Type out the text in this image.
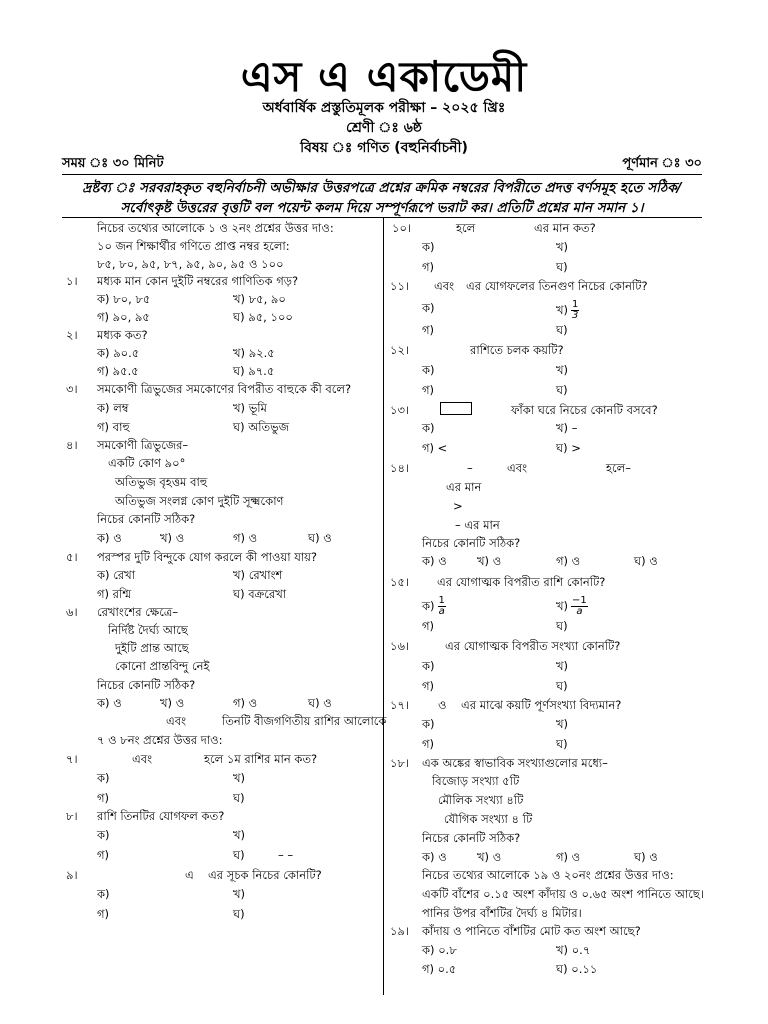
এস এ একাডেমী
অর্ধবার্ষিক প্রস্তুতিমূলক পরীক্ষা – ২০২৫ খ্রিঃ
শ্রেণী ঃ ৬ষ্ঠ
বিষয় ঃ গণিত (বহুনির্বাচনী)
সময় ঃ ৩০ মিনিট	পূর্ণমান ঃ ৩০
দ্রষ্টব্য ঃ সরবরাহকৃত বহুনির্বাচনী অভীক্ষার উত্তরপত্রে প্রশ্নের ক্রমিক নম্বরের বিপরীতে প্রদত্ত বর্ণসমূহ হতে সঠিক/
সর্বোৎকৃষ্ট উত্তরের বৃত্তটি বল পয়েন্ট কলম দিয়ে সম্পূর্ণরূপে ভরাট কর। প্রতিটি প্রশ্নের মান সমান ১।
নিচের তথ্যের আলোকে ১ ও ২নং প্রশ্নের উত্তর দাও:
১০ জন শিক্ষার্থীর গণিতে প্রাপ্ত নম্বর হলো:
৮৫, ৮০, ৯৫, ৮৭, ৯৫, ৯০, ৯৫ ও ১০০
১। মধ্যক মান কোন দুইটি নম্বরের গাণিতিক গড়?
ক) ৮০, ৮৫	খ) ৮৫, ৯০
গ) ৯০, ৯৫	ঘ) ৯৫, ১০০
২। মধ্যক কত?
ক) ৯০.৫	খ) ৯২.৫
গ) ৯৫.৫	ঘ) ৯৭.৫
৩। সমকোণী ত্রিভুজের সমকোণের বিপরীত বাহুকে কী বলে?
ক) লম্ব	খ) ভূমি
গ) বাহু	ঘ) অতিভুজ
৪। সমকোণী ত্রিভুজের–
একটি কোণ ৯০°
অতিভুজ বৃহত্তম বাহু
অতিভুজ সংলগ্ন কোণ দুইটি সূক্ষ্মকোণ
নিচের কোনটি সঠিক?
ক) ও	খ) ও	গ) ও	ঘ) ও
৫। পরস্পর দুটি বিন্দুকে যোগ করলে কী পাওয়া যায়?
ক) রেখা	খ) রেখাংশ
গ) রশ্মি	ঘ) বক্ররেখা
৬। রেখাংশের ক্ষেত্রে–
নির্দিষ্ট দৈর্ঘ্য আছে
দুইটি প্রান্ত আছে
কোনো প্রান্তবিন্দু নেই
নিচের কোনটি সঠিক?
ক) ও	খ) ও	গ) ও	ঘ) ও
এবং	তিনটি বীজগণিতীয় রাশির আলোকে
৭ ও ৮নং প্রশ্নের উত্তর দাও:
৭।	এবং	হলে ১ম রাশির মান কত?
ক)	খ)
গ)	ঘ)
৮। রাশি তিনটির যোগফল কত?
ক)	খ)
গ)	ঘ)	– –
৯।	এ এর সূচক নিচের কোনটি?
ক)	খ)
গ)	ঘ)
১০।	হলে	এর মান কত?
ক)	খ)
গ)	ঘ)
১১। এবং এর যোগফলের তিনগুণ নিচের কোনটি?
ক)	খ) $\frac{1}{3}$
গ)	ঘ)
১২।	রাশিতে চলক কয়টি?
ক)	খ)
গ)	ঘ)
১৩।	ফাঁকা ঘরে নিচের কোনটি বসবে?
ক)	খ) –
গ) <	ঘ) >
১৪।	–	এবং	হলে–
এর মান
>
– এর মান
নিচের কোনটি সঠিক?
ক) ও	খ) ও	গ) ও	ঘ) ও
১৫। এর যোগাত্মক বিপরীত রাশি কোনটি?
ক) $\frac{1}{a}$	খ) $\frac{-1}{a}$
গ)	ঘ)
১৬।	এর যোগাত্মক বিপরীত সংখ্যা কোনটি?
ক)	খ)
গ)	ঘ)
১৭।	ও এর মাঝে কয়টি পূর্ণসংখ্যা বিদ্যমান?
ক)	খ)
গ)	ঘ)
১৮। এক অঙ্কের স্বাভাবিক সংখ্যাগুলোর মধ্যে–
বিজোড় সংখ্যা ৫টি
মৌলিক সংখ্যা ৪টি
যৌগিক সংখ্যা ৪ টি
নিচের কোনটি সঠিক?
ক) ও	খ) ও	গ) ও	ঘ) ও
নিচের তথ্যের আলোকে ১৯ ও ২০নং প্রশ্নের উত্তর দাও:
একটি বাঁশের ০.১৫ অংশ কাঁদায় ও ০.৬৫ অংশ পানিতে আছে।
পানির উপর বাঁশটির দৈর্ঘ্য ৪ মিটার।
১৯। কাঁদায় ও পানিতে বাঁশটির মোট কত অংশ আছে?
ক) ০.৮	খ) ০.৭
গ) ০.৫	ঘ) ০.১১
